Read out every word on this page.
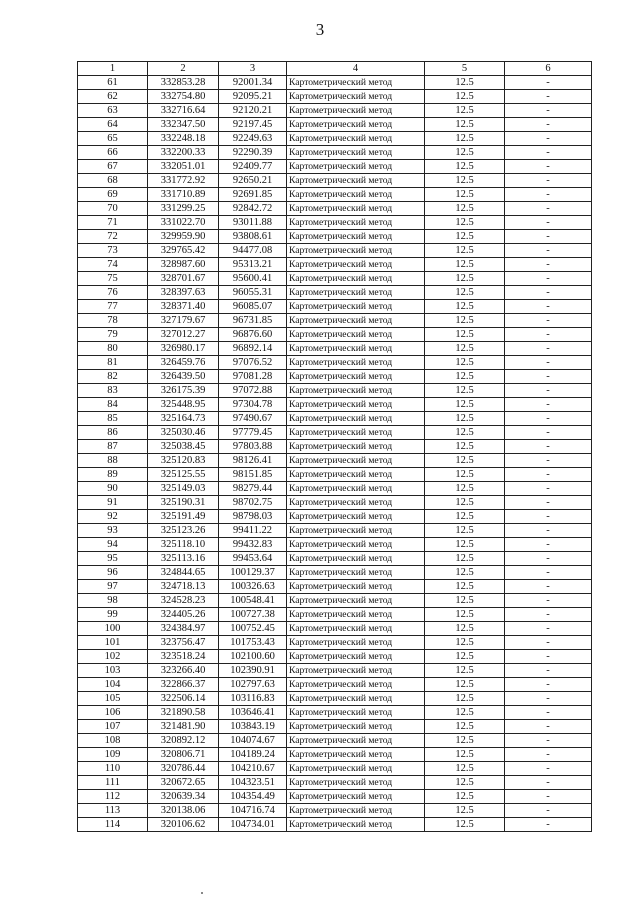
3
1	2	3	4	5	6
61	332853.28	92001.34	Картометрический метод	12.5	-
62	332754.80	92095.21	Картометрический метод	12.5	-
63	332716.64	92120.21	Картометрический метод	12.5	-
64	332347.50	92197.45	Картометрический метод	12.5	-
65	332248.18	92249.63	Картометрический метод	12.5	-
66	332200.33	92290.39	Картометрический метод	12.5	-
67	332051.01	92409.77	Картометрический метод	12.5	-
68	331772.92	92650.21	Картометрический метод	12.5	-
69	331710.89	92691.85	Картометрический метод	12.5	-
70	331299.25	92842.72	Картометрический метод	12.5	-
71	331022.70	93011.88	Картометрический метод	12.5	-
72	329959.90	93808.61	Картометрический метод	12.5	-
73	329765.42	94477.08	Картометрический метод	12.5	-
74	328987.60	95313.21	Картометрический метод	12.5	-
75	328701.67	95600.41	Картометрический метод	12.5	-
76	328397.63	96055.31	Картометрический метод	12.5	-
77	328371.40	96085.07	Картометрический метод	12.5	-
78	327179.67	96731.85	Картометрический метод	12.5	-
79	327012.27	96876.60	Картометрический метод	12.5	-
80	326980.17	96892.14	Картометрический метод	12.5	-
81	326459.76	97076.52	Картометрический метод	12.5	-
82	326439.50	97081.28	Картометрический метод	12.5	-
83	326175.39	97072.88	Картометрический метод	12.5	-
84	325448.95	97304.78	Картометрический метод	12.5	-
85	325164.73	97490.67	Картометрический метод	12.5	-
86	325030.46	97779.45	Картометрический метод	12.5	-
87	325038.45	97803.88	Картометрический метод	12.5	-
88	325120.83	98126.41	Картометрический метод	12.5	-
89	325125.55	98151.85	Картометрический метод	12.5	-
90	325149.03	98279.44	Картометрический метод	12.5	-
91	325190.31	98702.75	Картометрический метод	12.5	-
92	325191.49	98798.03	Картометрический метод	12.5	-
93	325123.26	99411.22	Картометрический метод	12.5	-
94	325118.10	99432.83	Картометрический метод	12.5	-
95	325113.16	99453.64	Картометрический метод	12.5	-
96	324844.65	100129.37	Картометрический метод	12.5	-
97	324718.13	100326.63	Картометрический метод	12.5	-
98	324528.23	100548.41	Картометрический метод	12.5	-
99	324405.26	100727.38	Картометрический метод	12.5	-
100	324384.97	100752.45	Картометрический метод	12.5	-
101	323756.47	101753.43	Картометрический метод	12.5	-
102	323518.24	102100.60	Картометрический метод	12.5	-
103	323266.40	102390.91	Картометрический метод	12.5	-
104	322866.37	102797.63	Картометрический метод	12.5	-
105	322506.14	103116.83	Картометрический метод	12.5	-
106	321890.58	103646.41	Картометрический метод	12.5	-
107	321481.90	103843.19	Картометрический метод	12.5	-
108	320892.12	104074.67	Картометрический метод	12.5	-
109	320806.71	104189.24	Картометрический метод	12.5	-
110	320786.44	104210.67	Картометрический метод	12.5	-
111	320672.65	104323.51	Картометрический метод	12.5	-
112	320639.34	104354.49	Картометрический метод	12.5	-
113	320138.06	104716.74	Картометрический метод	12.5	-
114	320106.62	104734.01	Картометрический метод	12.5	-
